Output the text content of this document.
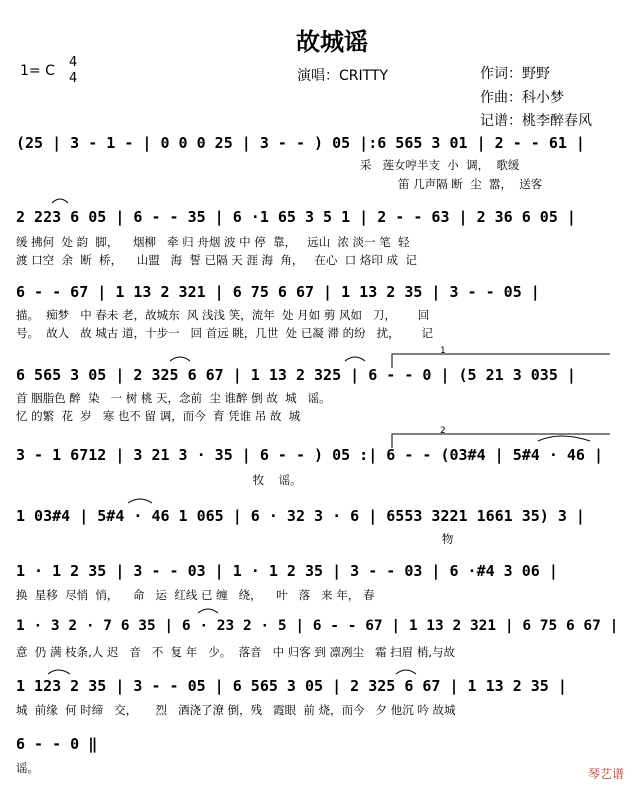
故城谣
1= C
4
4	演唱：CRITTY	作词：野野
作曲：科小梦
记谱：桃李醉春风
(25 | 3 - 1 - | 0 0 0 25 | 3 - - ) 05 |:6 565 3 01 | 2 - - 61 |
采   莲女哼半支  小  调，  歌缓
笛 几声隔 断  尘  嚣，  送客
2 223 6 05 | 6 - - 35 | 6 ·1 65 3 5 1 | 2 - - 63 | 2 36 6 05 |
缓 拂何  处 韵  脚，    烟柳   牵 归 舟烟 波 中 停  靠，   远山  浓 淡一 笔  轻
渡 口空  余  断  桥，    山盟   海  誓 已隔 天 涯 海  角，   在心  口 烙印 成  记
6 - - 67 | 1 13 2 321 | 6 75 6 67 | 1 13 2 35 | 3 - - 05 |
描。  痴梦   中 春未 老，故城东  风 浅浅 笑，流年  处 月如 剪 风如   刀，      回
号。  故人   故 城古 道，十步一   回 首远 眺，几世  处 已凝 滞 的纷   扰，      记
6 565 3 05 | 2 325 6 67 | 1 13 2 325 | 6 - - 0 | (5 21 3 035 |
首 胭脂色 醉  染   一 树 桃 天，念前  尘 谁醉 倒 故  城   谣。
忆 的繁  花  岁   寒 也不 留 调，而今  育 凭谁 吊 故  城
3 - 1 6712 | 3 21 3 · 35 | 6 - - ) 05 :| 6 - - (03#4 | 5#4 · 46 |
牧    谣。
1 03#4 | 5#4 · 46 1 065 | 6 · 32 3 · 6 | 6553 3221 1661 35) 3 |
物
1 · 1 2 35 | 3 - - 03 | 1 · 1 2 35 | 3 - - 03 | 6 ·#4 3 06 |
换  星移  尽悄  悄，    命   运  红线 已 缠   绕，    叶   落   来 年， 春
1 · 3 2 · 7 6 35 | 6 · 23 2 · 5 | 6 - - 67 | 1 13 2 321 | 6 75 6 67 |
意  仍 满 枝条,人 迟   音   不  复 年   少。  落音   中 归客 到 凛冽尘   霜 扫眉 梢,与故
1 123 2 35 | 3 - - 05 | 6 565 3 05 | 2 325 6 67 | 1 13 2 35 |
城  前缘  何 时缔   交，     烈   酒浇了潦 倒，残   霞眼  前 烧，而今   夕 他沉 吟 故城
6 - - 0 ‖
谣。
1
2
琴艺谱
